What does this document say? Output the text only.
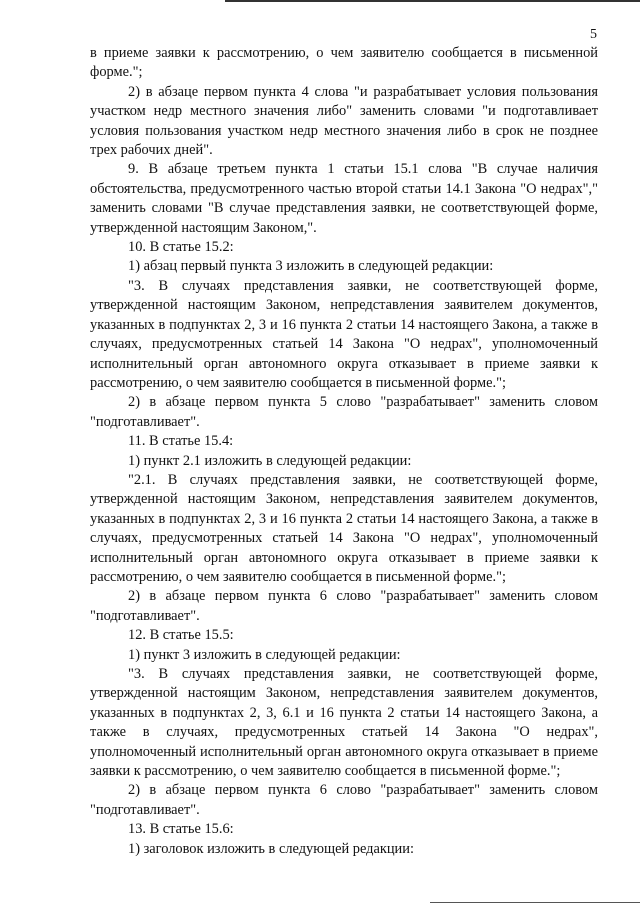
5

в приеме заявки к рассмотрению, о чем заявителю сообщается в письменной форме.";

2) в абзаце первом пункта 4 слова "и разрабатывает условия пользования участком недр местного значения либо" заменить словами "и подготавливает условия пользования участком недр местного значения либо в срок не позднее трех рабочих дней".

9. В абзаце третьем пункта 1 статьи 15.1 слова "В случае наличия обстоятельства, предусмотренного частью второй статьи 14.1 Закона "О недрах"," заменить словами "В случае представления заявки, не соответствующей форме, утвержденной настоящим Законом,".

10. В статье 15.2:

1) абзац первый пункта 3 изложить в следующей редакции:

"3. В случаях представления заявки, не соответствующей форме, утвержденной настоящим Законом, непредставления заявителем документов, указанных в подпунктах 2, 3 и 16 пункта 2 статьи 14 настоящего Закона, а также в случаях, предусмотренных статьей 14 Закона "О недрах", уполномоченный исполнительный орган автономного округа отказывает в приеме заявки к рассмотрению, о чем заявителю сообщается в письменной форме.";

2) в абзаце первом пункта 5 слово "разрабатывает" заменить словом "подготавливает".

11. В статье 15.4:

1) пункт 2.1 изложить в следующей редакции:

"2.1. В случаях представления заявки, не соответствующей форме, утвержденной настоящим Законом, непредставления заявителем документов, указанных в подпунктах 2, 3 и 16 пункта 2 статьи 14 настоящего Закона, а также в случаях, предусмотренных статьей 14 Закона "О недрах", уполномоченный исполнительный орган автономного округа отказывает в приеме заявки к рассмотрению, о чем заявителю сообщается в письменной форме.";

2) в абзаце первом пункта 6 слово "разрабатывает" заменить словом "подготавливает".

12. В статье 15.5:

1) пункт 3 изложить в следующей редакции:

"3. В случаях представления заявки, не соответствующей форме, утвержденной настоящим Законом, непредставления заявителем документов, указанных в подпунктах 2, 3, 6.1 и 16 пункта 2 статьи 14 настоящего Закона, а также в случаях, предусмотренных статьей 14 Закона "О недрах", уполномоченный исполнительный орган автономного округа отказывает в приеме заявки к рассмотрению, о чем заявителю сообщается в письменной форме.";

2) в абзаце первом пункта 6 слово "разрабатывает" заменить словом "подготавливает".

13. В статье 15.6:

1) заголовок изложить в следующей редакции:
